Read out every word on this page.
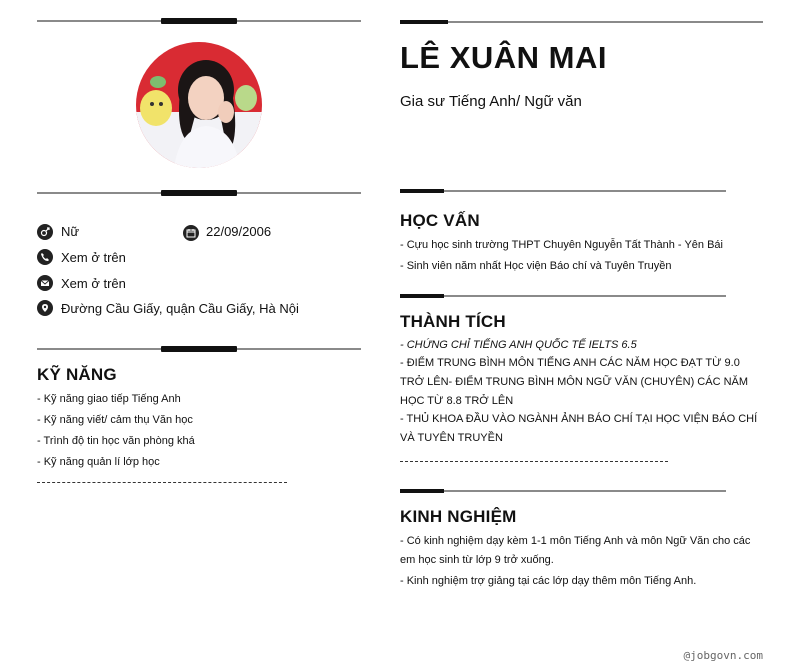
Nữ	22/09/2006
Xem ở trên
Xem ở trên
Đường Cầu Giấy, quận Cầu Giấy, Hà Nội
KỸ NĂNG
- Kỹ năng giao tiếp Tiếng Anh
- Kỹ năng viết/ cảm thụ Văn học
- Trình độ tin học văn phòng khá
- Kỹ năng quản lí lớp học
LÊ XUÂN MAI
Gia sư Tiếng Anh/ Ngữ văn
HỌC VẤN
- Cựu học sinh trường THPT Chuyên Nguyễn Tất Thành - Yên Bái
- Sinh viên năm nhất Học viện Báo chí và Tuyên Truyền
THÀNH TÍCH
- CHỨNG CHỈ TIẾNG ANH QUỐC TẾ IELTS 6.5
- ĐIỂM TRUNG BÌNH MÔN TIẾNG ANH CÁC NĂM HỌC ĐẠT TỪ 9.0 TRỞ LÊN- ĐIỂM TRUNG BÌNH MÔN NGỮ VĂN (CHUYÊN) CÁC NĂM HỌC TỪ 8.8 TRỞ LÊN
- THỦ KHOA ĐẦU VÀO NGÀNH ẢNH BÁO CHÍ TẠI HỌC VIỆN BÁO CHÍ VÀ TUYÊN TRUYỀN
KINH NGHIỆM
- Có kinh nghiệm dạy kèm 1-1 môn Tiếng Anh và môn Ngữ Văn cho các em học sinh từ lớp 9 trở xuống.
- Kinh nghiệm trợ giảng tại các lớp dạy thêm môn Tiếng Anh.
@jobgovn.com
